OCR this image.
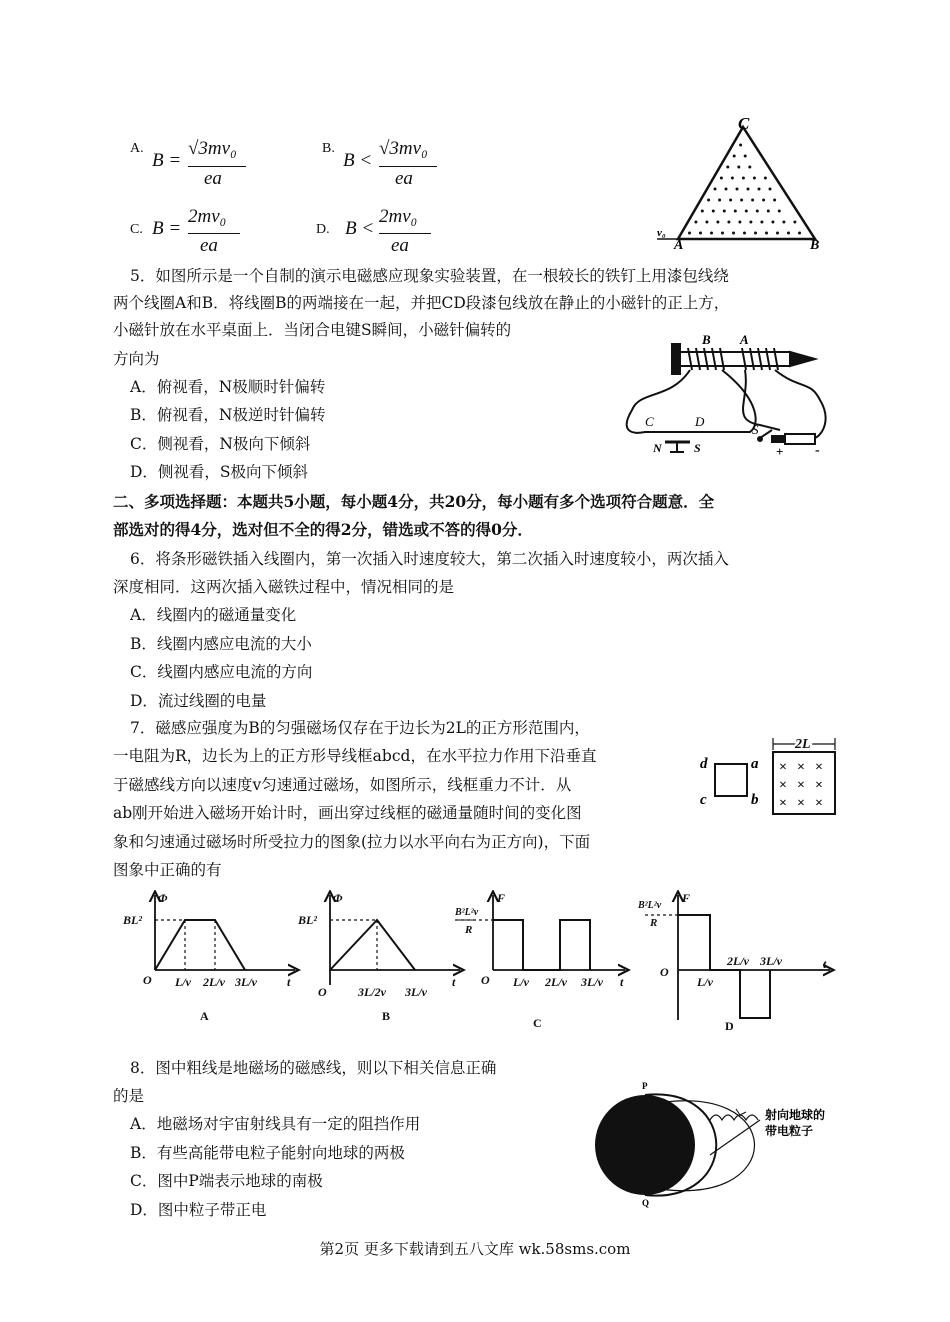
A.
B =
√3mv₀
ea
B.
B <
√3mv₀
ea
C. B =
2mv₀
ea
D. B <
2mv₀
ea
C
A	B
v₀
5．如图所示是一个自制的演示电磁感应现象实验装置，在一根较长的铁钉上用漆包线绕
两个线圈A和B．将线圈B的两端接在一起，并把CD段漆包线放在静止的小磁针的正上方，
小磁针放在水平桌面上．当闭合电键S瞬间，小磁针偏转的
方向为
A．俯视看，N极顺时针偏转
B．俯视看，N极逆时针偏转
C．侧视看，N极向下倾斜
D．侧视看，S极向下倾斜
B A
C	D
S
N	S	+ -
二、多项选择题：本题共5小题，每小题4分，共20分，每小题有多个选项符合题意．全
部选对的得4分，选对但不全的得2分，错选或不答的得0分．
6．将条形磁铁插入线圈内，第一次插入时速度较大，第二次插入时速度较小，两次插入
深度相同．这两次插入磁铁过程中，情况相同的是
A．线圈内的磁通量变化
B．线圈内感应电流的大小
C．线圈内感应电流的方向
D．流过线圈的电量
7．磁感应强度为B的匀强磁场仅存在于边长为2L的正方形范围内，
一电阻为R，边长为上的正方形导线框abcd，在水平拉力作用下沿垂直
于磁感线方向以速度v匀速通过磁场，如图所示，线框重力不计．从
ab刚开始进入磁场开始计时，画出穿过线框的磁通量随时间的变化图
象和匀速通过磁场时所受拉力的图象(拉力以水平向右为正方向)，下面
图象中正确的有
× × ×
× × ×
× × ×
2L
d	a
c	b
Φ
BL²
O L/v 2L/v 3L/v	t
A
Φ
BL²
O	3L/2v 3L/v
t
B
F
B²L²v
R
O L/v 2L/v 3L/v t
C
F
B²L²v
R
O
L/v
2L/v 3L/v	t
D
8．图中粗线是地磁场的磁感线，则以下相关信息正确
的是
A．地磁场对宇宙射线具有一定的阻挡作用
B．有些高能带电粒子能射向地球的两极
C．图中P端表示地球的南极
D．图中粒子带正电
P
Q
射向地球的
带电粒子
第2页 更多下载请到五八文库 wk.58sms.com
